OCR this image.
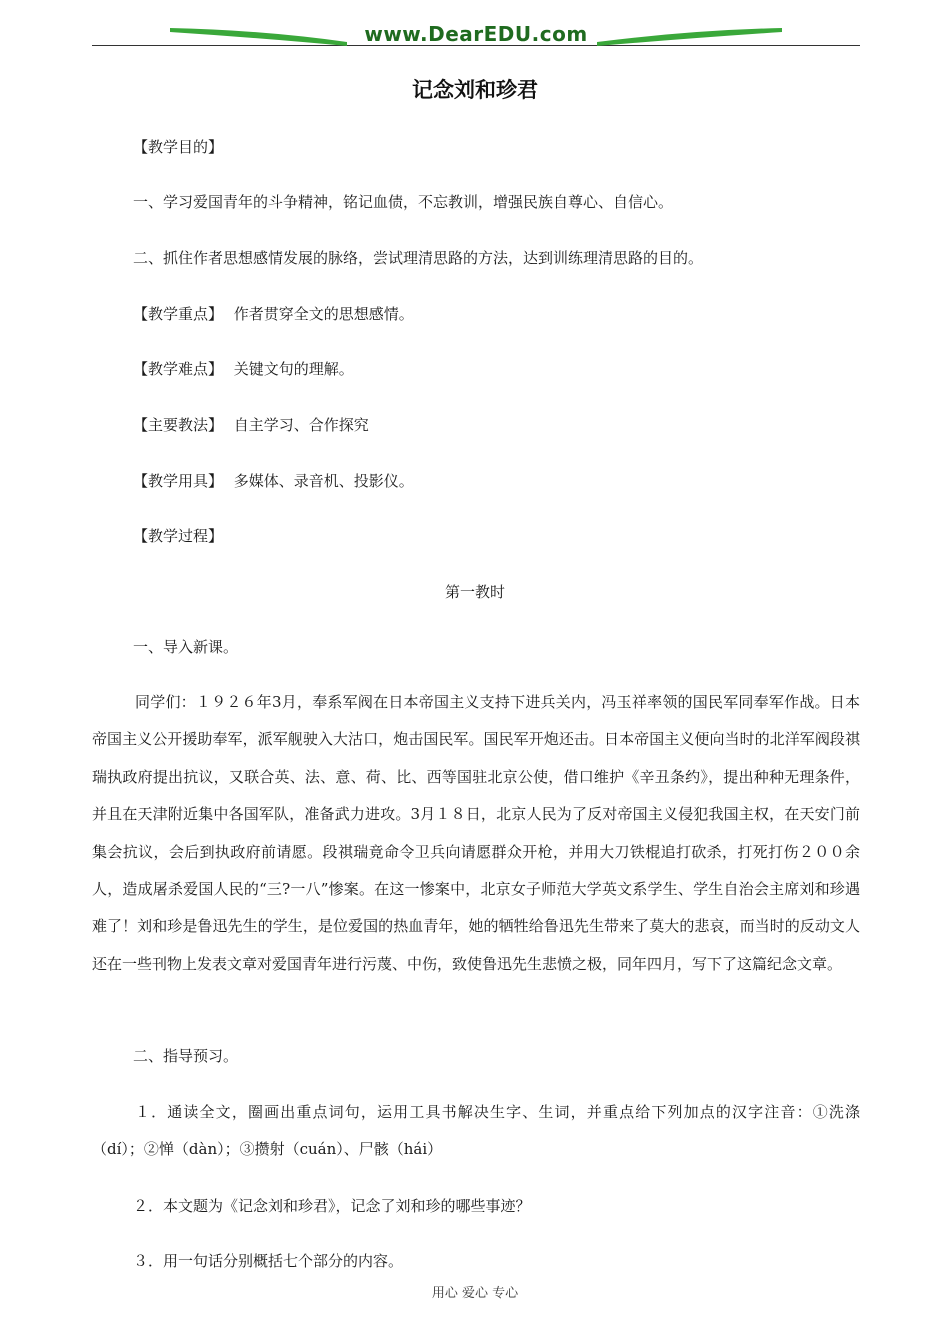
www.DearEDU.com
记念刘和珍君
【教学目的】
一、学习爱国青年的斗争精神，铭记血债，不忘教训，增强民族自尊心、自信心。
二、抓住作者思想感情发展的脉络，尝试理清思路的方法，达到训练理清思路的目的。
【教学重点】 作者贯穿全文的思想感情。
【教学难点】 关键文句的理解。
【主要教法】 自主学习、合作探究
【教学用具】 多媒体、录音机、投影仪。
【教学过程】
第一教时
一、导入新课。

同学们：１９２６年3月，奉系军阀在日本帝国主义支持下进兵关内，冯玉祥率领的国民军同奉军作战。日本帝国主义公开援助奉军，派军舰驶入大沽口，炮击国民军。国民军开炮还击。日本帝国主义便向当时的北洋军阀段祺瑞执政府提出抗议，又联合英、法、意、荷、比、西等国驻北京公使，借口维护《辛丑条约》，提出种种无理条件，并且在天津附近集中各国军队，准备武力进攻。3月１８日，北京人民为了反对帝国主义侵犯我国主权，在天安门前集会抗议，会后到执政府前请愿。段祺瑞竟命令卫兵向请愿群众开枪，并用大刀铁棍追打砍杀，打死打伤２００余人，造成屠杀爱国人民的“三?一八”惨案。在这一惨案中，北京女子师范大学英文系学生、学生自治会主席刘和珍遇难了！刘和珍是鲁迅先生的学生，是位爱国的热血青年，她的牺牲给鲁迅先生带来了莫大的悲哀，而当时的反动文人还在一些刊物上发表文章对爱国青年进行污蔑、中伤，致使鲁迅先生悲愤之极，同年四月，写下了这篇纪念文章。

二、指导预习。

１．通读全文，圈画出重点词句，运用工具书解决生字、生词，并重点给下列加点的汉字注音：①洗涤（dí）；②惮（dàn）；③攒射（cuán）、尸骸（hái）

２．本文题为《记念刘和珍君》，记念了刘和珍的哪些事迹？
３．用一句话分别概括七个部分的内容。
用心 爱心 专心
